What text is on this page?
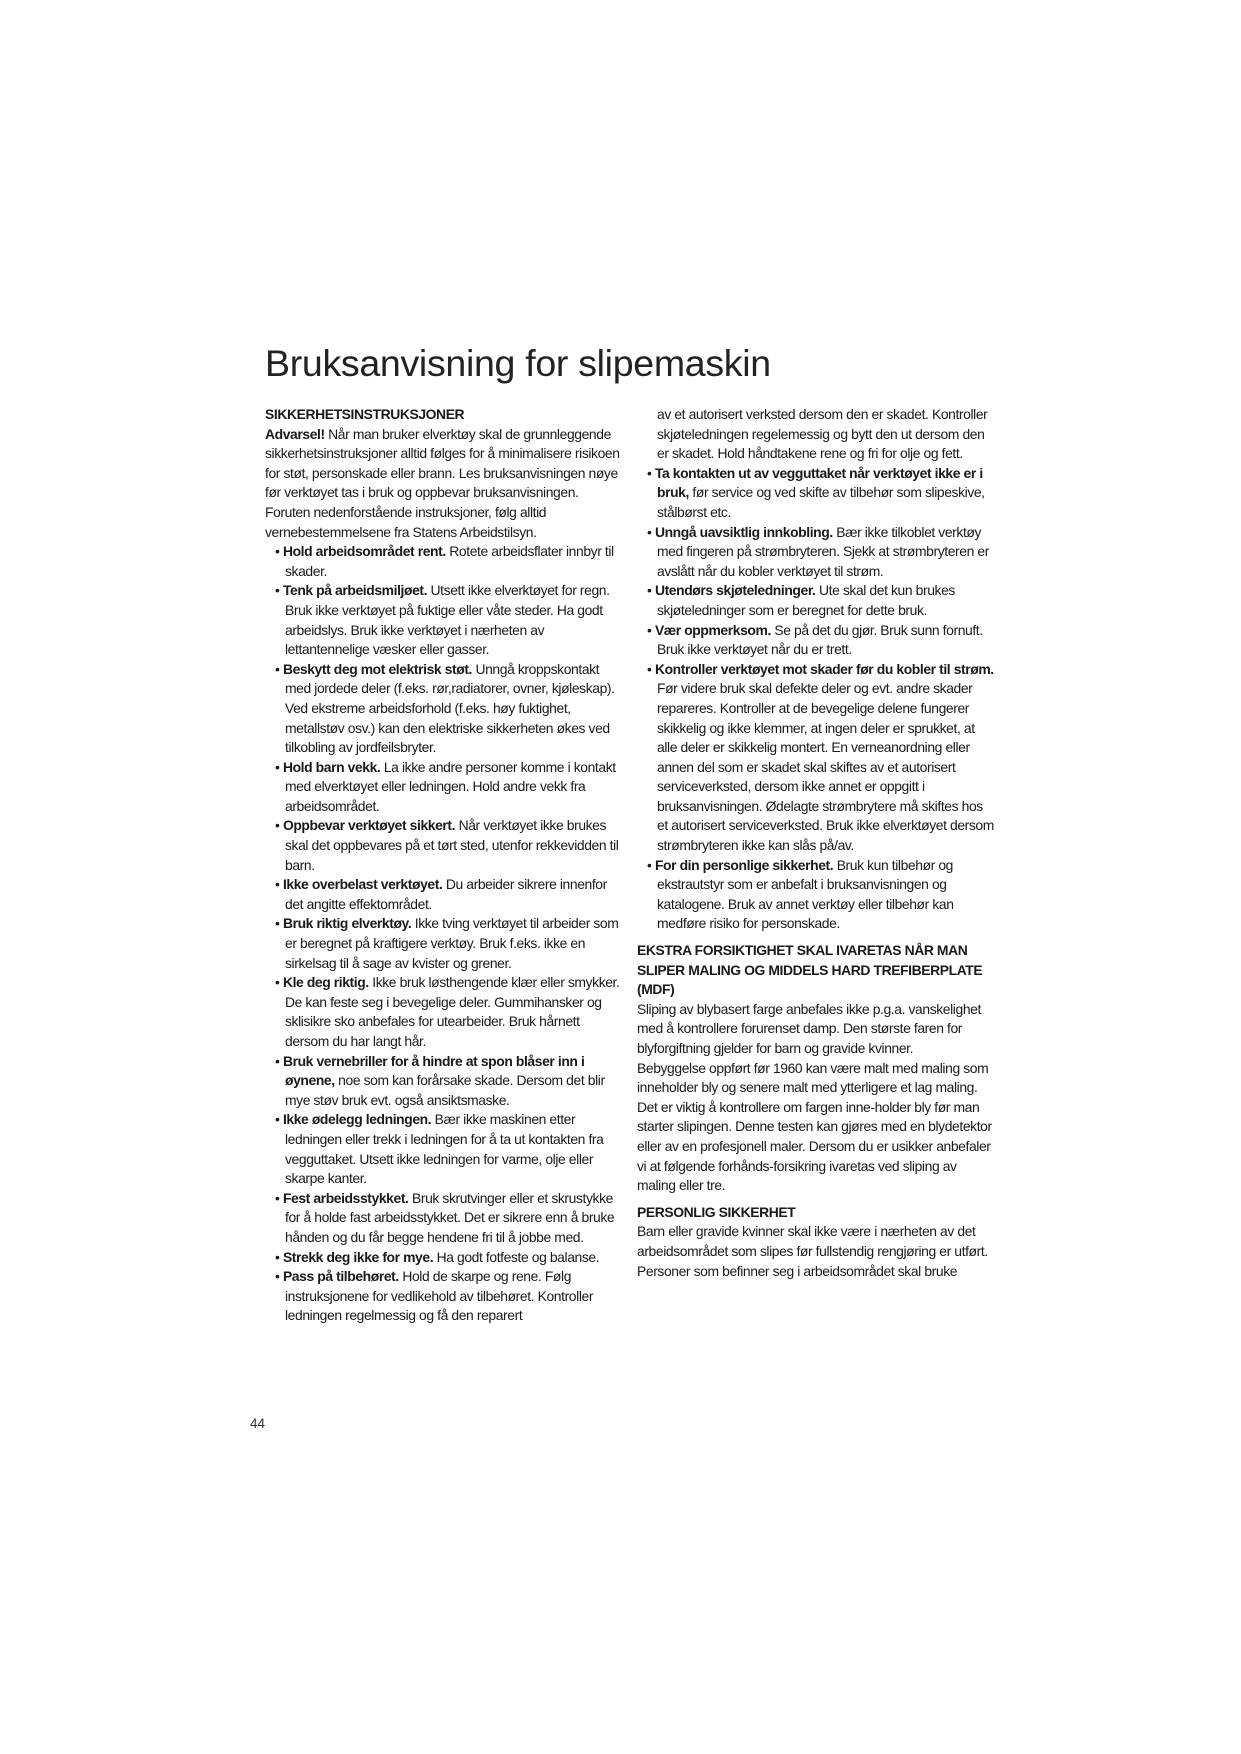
Bruksanvisning for slipemaskin

SIKKERHETSINSTRUKSJONER

Advarsel! Når man bruker elverktøy skal de grunnleggende sikkerhetsinstruksjoner alltid følges for å minimalisere risikoen for støt, personskade eller brann. Les bruksanvisningen nøye før verktøyet tas i bruk og oppbevar bruksanvisningen. Foruten nedenforstående instruksjoner, følg alltid vernebestemmelsene fra Statens Arbeidstilsyn.

• Hold arbeidsområdet rent. Rotete arbeidsflater innbyr til skader.

• Tenk på arbeidsmiljøet. Utsett ikke elverktøyet for regn. Bruk ikke verktøyet på fuktige eller våte steder. Ha godt arbeidslys. Bruk ikke verktøyet i nærheten av lettantennelige væsker eller gasser.

• Beskytt deg mot elektrisk støt. Unngå kroppskontakt med jordede deler (f.eks. rør,radiatorer, ovner, kjøleskap). Ved ekstreme arbeidsforhold (f.eks. høy fuktighet, metallstøv osv.) kan den elektriske sikkerheten økes ved tilkobling av jordfeilsbryter.

• Hold barn vekk. La ikke andre personer komme i kontakt med elverktøyet eller ledningen. Hold andre vekk fra arbeidsområdet.

• Oppbevar verktøyet sikkert. Når verktøyet ikke brukes skal det oppbevares på et tørt sted, utenfor rekkevidden til barn.

• Ikke overbelast verktøyet. Du arbeider sikrere innenfor det angitte effektområdet.

• Bruk riktig elverktøy. Ikke tving verktøyet til arbeider som er beregnet på kraftigere verktøy. Bruk f.eks. ikke en sirkelsag til å sage av kvister og grener.

• Kle deg riktig. Ikke bruk løsthengende klær eller smykker. De kan feste seg i bevegelige deler. Gummihansker og sklisikre sko anbefales for utearbeider. Bruk hårnett dersom du har langt hår.

• Bruk vernebriller for å hindre at spon blåser inn i øynene, noe som kan forårsake skade. Dersom det blir mye støv bruk evt. også ansiktsmaske.

• Ikke ødelegg ledningen. Bær ikke maskinen etter ledningen eller trekk i ledningen for å ta ut kontakten fra vegguttaket. Utsett ikke ledningen for varme, olje eller skarpe kanter.

• Fest arbeidsstykket. Bruk skrutvinger eller et skrustykke for å holde fast arbeidsstykket. Det er sikrere enn å bruke hånden og du får begge hendene fri til å jobbe med.

• Strekk deg ikke for mye. Ha godt fotfeste og balanse.

• Pass på tilbehøret. Hold de skarpe og rene. Følg instruksjonene for vedlikehold av tilbehøret. Kontroller ledningen regelmessig og få den reparert

av et autorisert verksted dersom den er skadet. Kontroller skjøteledningen regelemessig og bytt den ut dersom den er skadet. Hold håndtakene rene og fri for olje og fett.

• Ta kontakten ut av vegguttaket når verktøyet ikke er i bruk, før service og ved skifte av tilbehør som slipeskive, stålbørst etc.

• Unngå uavsiktlig innkobling. Bær ikke tilkoblet verktøy med fingeren på strømbryteren. Sjekk at strømbryteren er avslått når du kobler verktøyet til strøm.

• Utendørs skjøteledninger. Ute skal det kun brukes skjøteledninger som er beregnet for dette bruk.

• Vær oppmerksom. Se på det du gjør. Bruk sunn fornuft. Bruk ikke verktøyet når du er trett.

• Kontroller verktøyet mot skader før du kobler til strøm. Før videre bruk skal defekte deler og evt. andre skader repareres. Kontroller at de bevegelige delene fungerer skikkelig og ikke klemmer, at ingen deler er sprukket, at alle deler er skikkelig montert. En verneanordning eller annen del som er skadet skal skiftes av et autorisert serviceverksted, dersom ikke annet er oppgitt i bruksanvisningen. Ødelagte strømbrytere må skiftes hos et autorisert serviceverksted. Bruk ikke elverktøyet dersom strømbryteren ikke kan slås på/av.

• For din personlige sikkerhet. Bruk kun tilbehør og ekstrautstyr som er anbefalt i bruksanvisningen og katalogene. Bruk av annet verktøy eller tilbehør kan medføre risiko for personskade.

EKSTRA FORSIKTIGHET SKAL IVARETAS NÅR MAN SLIPER MALING OG MIDDELS HARD TREFIBERPLATE (MDF)

Sliping av blybasert farge anbefales ikke p.g.a. vanskelighet med å kontrollere forurenset damp. Den største faren for blyforgiftning gjelder for barn og gravide kvinner.

Bebyggelse oppført før 1960 kan være malt med maling som inneholder bly og senere malt med ytterligere et lag maling. Det er viktig å kontrollere om fargen inne-holder bly før man starter slipingen. Denne testen kan gjøres med en blydetektor eller av en profesjonell maler. Dersom du er usikker anbefaler vi at følgende forhånds-forsikring ivaretas ved sliping av maling eller tre.

PERSONLIG SIKKERHET

Barn eller gravide kvinner skal ikke være i nærheten av det arbeidsområdet som slipes før fullstendig rengjøring er utført.

Personer som befinner seg i arbeidsområdet skal bruke

44
